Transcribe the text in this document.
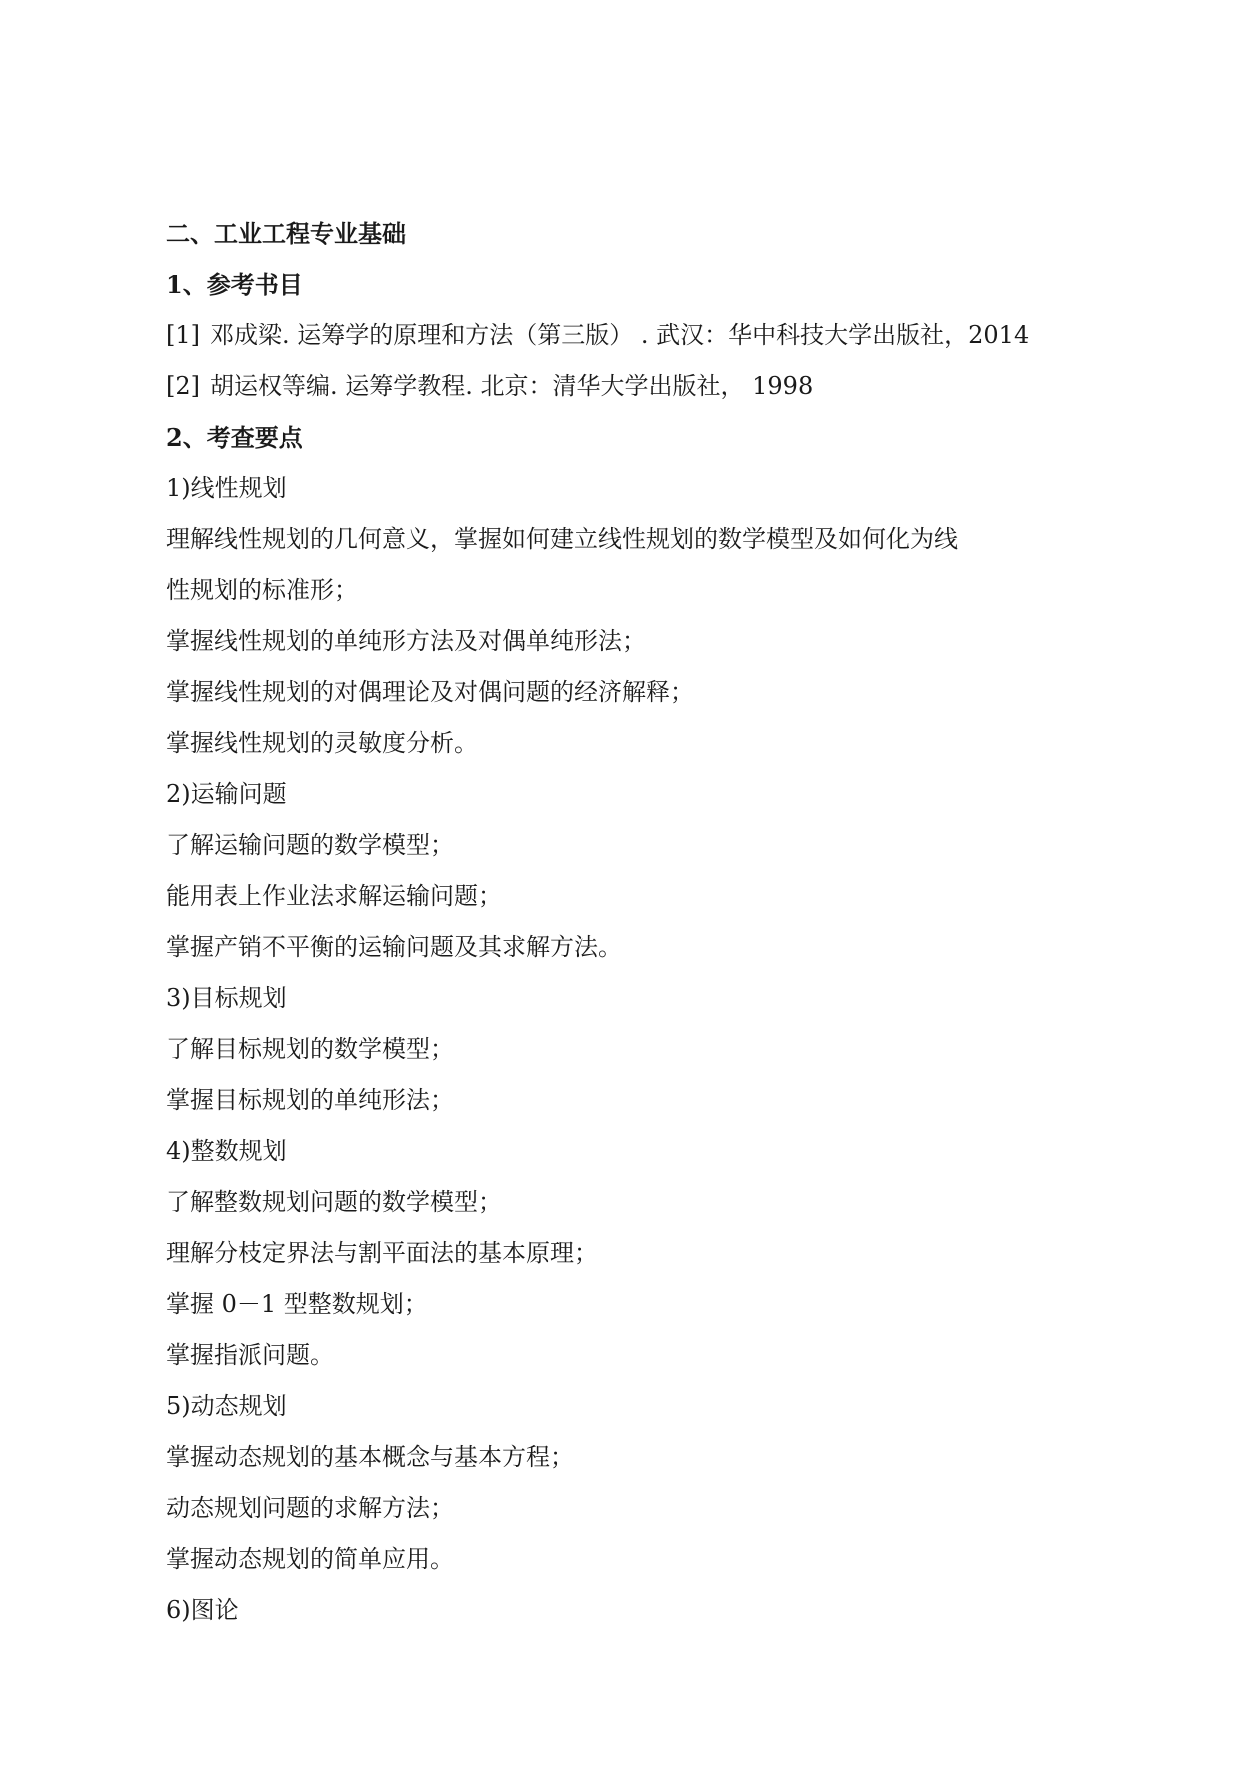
二、工业工程专业基础
1、参考书目
[1] 邓成梁. 运筹学的原理和方法（第三版） . 武汉：华中科技大学出版社，2014
[2] 胡运权等编. 运筹学教程. 北京：清华大学出版社， 1998
2、考查要点
1)线性规划
理解线性规划的几何意义，掌握如何建立线性规划的数学模型及如何化为线
性规划的标准形；
掌握线性规划的单纯形方法及对偶单纯形法；
掌握线性规划的对偶理论及对偶问题的经济解释；
掌握线性规划的灵敏度分析。
2)运输问题
了解运输问题的数学模型；
能用表上作业法求解运输问题；
掌握产销不平衡的运输问题及其求解方法。
3)目标规划
了解目标规划的数学模型；
掌握目标规划的单纯形法；
4)整数规划
了解整数规划问题的数学模型；
理解分枝定界法与割平面法的基本原理；
掌握 0－1 型整数规划；
掌握指派问题。
5)动态规划
掌握动态规划的基本概念与基本方程；
动态规划问题的求解方法；
掌握动态规划的简单应用。
6)图论
